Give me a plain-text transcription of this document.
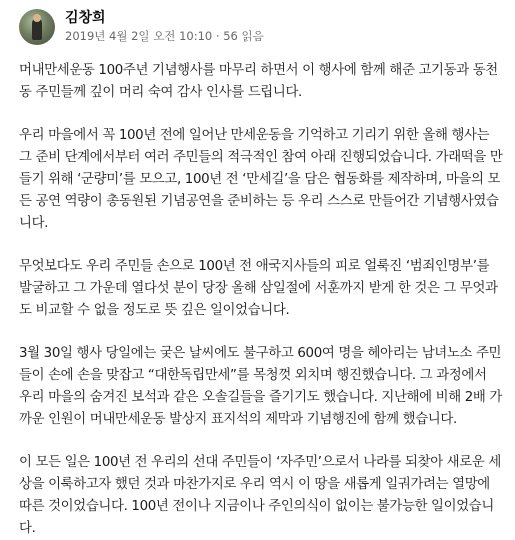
김창희
2019년 4월 2일 오전 10:10 · 56 읽음

머내만세운동 100주년 기념행사를 마무리 하면서 이 행사에 함께 해준 고기동과 동천동 주민들께 깊이 머리 숙여 감사 인사를 드립니다.

우리 마을에서 꼭 100년 전에 일어난 만세운동을 기억하고 기리기 위한 올해 행사는 그 준비 단계에서부터 여러 주민들의 적극적인 참여 아래 진행되었습니다. 가래떡을 만들기 위해 ‘군량미’를 모으고, 100년 전 ‘만세길’을 담은 협동화를 제작하며, 마을의 모든 공연 역량이 총동원된 기념공연을 준비하는 등 우리 스스로 만들어간 기념행사였습니다.

무엇보다도 우리 주민들 손으로 100년 전 애국지사들의 피로 얼룩진 ‘범죄인명부’를 발굴하고 그 가운데 열다섯 분이 당장 올해 삼일절에 서훈까지 받게 한 것은 그 무엇과도 비교할 수 없을 정도로 뜻 깊은 일이었습니다.

3월 30일 행사 당일에는 궂은 날씨에도 불구하고 600여 명을 헤아리는 남녀노소 주민들이 손에 손을 맞잡고 “대한독립만세”를 목청껏 외치며 행진했습니다. 그 과정에서 우리 마을의 숨겨진 보석과 같은 오솔길들을 즐기기도 했습니다. 지난해에 비해 2배 가까운 인원이 머내만세운동 발상지 표지석의 제막과 기념행진에 함께 했습니다.

이 모든 일은 100년 전 우리의 선대 주민들이 ‘자주민’으로서 나라를 되찾아 새로운 세상을 이룩하고자 했던 것과 마찬가지로 우리 역시 이 땅을 새롭게 일궈가려는 열망에 따른 것이었습니다. 100년 전이나 지금이나 주인의식이 없이는 불가능한 일이었습니다.
